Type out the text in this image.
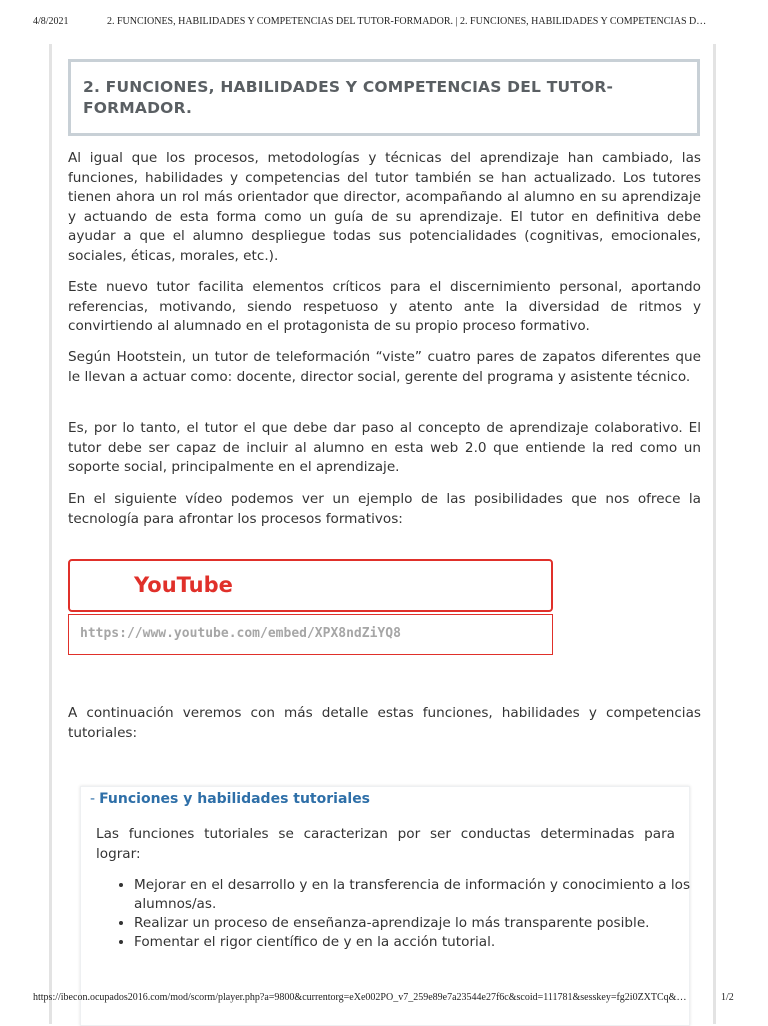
4/8/2021	2. FUNCIONES, HABILIDADES Y COMPETENCIAS DEL TUTOR-FORMADOR. | 2. FUNCIONES, HABILIDADES Y COMPETENCIAS D…
2. FUNCIONES, HABILIDADES Y COMPETENCIAS DEL TUTOR-FORMADOR.

Al igual que los procesos, metodologías y técnicas del aprendizaje han cambiado, las funciones, habilidades y competencias del tutor también se han actualizado. Los tutores tienen ahora un rol más orientador que director, acompañando al alumno en su aprendizaje y actuando de esta forma como un guía de su aprendizaje. El tutor en definitiva debe ayudar a que el alumno despliegue todas sus potencialidades (cognitivas, emocionales, sociales, éticas, morales, etc.).

Este nuevo tutor facilita elementos críticos para el discernimiento personal, aportando referencias, motivando, siendo respetuoso y atento ante la diversidad de ritmos y convirtiendo al alumnado en el protagonista de su propio proceso formativo.

Según Hootstein, un tutor de teleformación “viste” cuatro pares de zapatos diferentes que le llevan a actuar como: docente, director social, gerente del programa y asistente técnico.

Es, por lo tanto, el tutor el que debe dar paso al concepto de aprendizaje colaborativo. El tutor debe ser capaz de incluir al alumno en esta web 2.0 que entiende la red como un soporte social, principalmente en el aprendizaje.

En el siguiente vídeo podemos ver un ejemplo de las posibilidades que nos ofrece la tecnología para afrontar los procesos formativos:

YouTube
https://www.youtube.com/embed/XPX8ndZiYQ8

A continuación veremos con más detalle estas funciones, habilidades y competencias tutoriales:

- Funciones y habilidades tutoriales

Las funciones tutoriales se caracterizan por ser conductas determinadas para lograr:

• Mejorar en el desarrollo y en la transferencia de información y conocimiento a los alumnos/as.
• Realizar un proceso de enseñanza-aprendizaje lo más transparente posible.
• Fomentar el rigor científico de y en la acción tutorial.
https://ibecon.ocupados2016.com/mod/scorm/player.php?a=9800&currentorg=eXe002PO_v7_259e89e7a23544e27f6c&scoid=111781&sesskey=fg2i0ZXTCq&…	1/2
